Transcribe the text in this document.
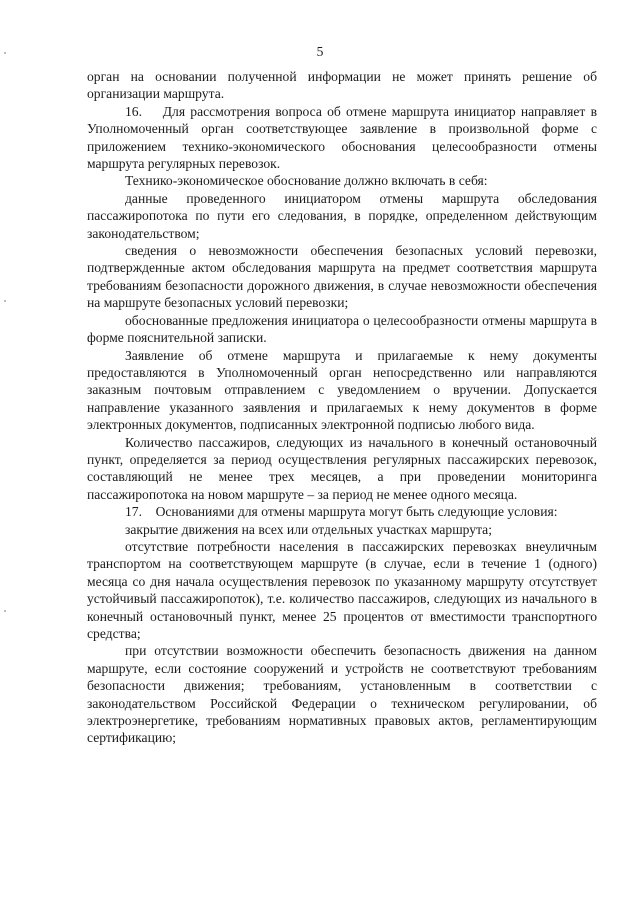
5

орган на основании полученной информации не может принять решение об организации маршрута.

16.    Для рассмотрения вопроса об отмене маршрута инициатор направляет в Уполномоченный орган соответствующее заявление в произвольной форме с приложением технико-экономического обоснования целесообразности отмены маршрута регулярных перевозок.

Технико-экономическое обоснование должно включать в себя:

данные проведенного инициатором отмены маршрута обследования пассажиропотока по пути его следования, в порядке, определенном действующим законодательством;

сведения о невозможности обеспечения безопасных условий перевозки, подтвержденные актом обследования маршрута на предмет соответствия маршрута требованиям безопасности дорожного движения, в случае невозможности обеспечения на маршруте безопасных условий перевозки;

обоснованные предложения инициатора о целесообразности отмены маршрута в форме пояснительной записки.

Заявление об отмене маршрута и прилагаемые к нему документы предоставляются в Уполномоченный орган непосредственно или направляются заказным почтовым отправлением с уведомлением о вручении. Допускается направление указанного заявления и прилагаемых к нему документов в форме электронных документов, подписанных электронной подписью любого вида.

Количество пассажиров, следующих из начального в конечный остановочный пункт, определяется за период осуществления регулярных пассажирских перевозок, составляющий не менее трех месяцев, а при проведении мониторинга пассажиропотока на новом маршруте – за период не менее одного месяца.

17.    Основаниями для отмены маршрута могут быть следующие условия:

закрытие движения на всех или отдельных участках маршрута;

отсутствие потребности населения в пассажирских перевозках внеуличным транспортом на соответствующем маршруте (в случае, если в течение 1 (одного) месяца со дня начала осуществления перевозок по указанному маршруту отсутствует устойчивый пассажиропоток), т.е. количество пассажиров, следующих из начального в конечный остановочный пункт, менее 25 процентов от вместимости транспортного средства;

при отсутствии возможности обеспечить безопасность движения на данном маршруте, если состояние сооружений и устройств не соответствуют требованиям безопасности движения; требованиям, установленным в соответствии с законодательством Российской Федерации о техническом регулировании, об электроэнергетике, требованиям нормативных правовых актов, регламентирующим сертификацию;
